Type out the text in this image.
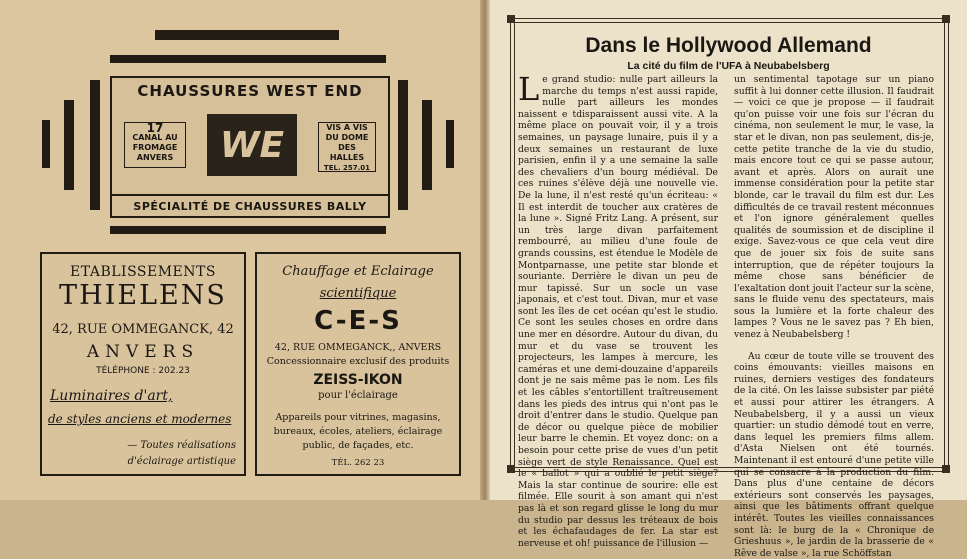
CHAUSSURES WEST END
17
CANAL AU
FROMAGE
ANVERS	WE	VIS A VIS
DU DOME
DES
HALLES
TEL. 257.01
SPÉCIALITÉ DE CHAUSSURES BALLY
ETABLISSEMENTS
THIELENS
42, RUE OMMEGANCK, 42
ANVERS
TÉLÉPHONE : 202.23
Luminaires d'art,
de styles anciens et modernes
— Toutes réalisations
d'éclairage artistique
Chauffage et Eclairage
scientifique
C-E-S
42, RUE OMMEGANCK,, ANVERS
Concessionnaire exclusif des produits
ZEISS-IKON
pour l'éclairage
Appareils pour vitrines, magasins,
bureaux, écoles, ateliers, éclairage
public, de façades, etc.
TÉL. 262 23
Dans le Hollywood Allemand
La cité du film de l'UFA à Neubabelsberg

Le grand studio: nulle part ailleurs la marche du temps n'est aussi rapide, nulle part ailleurs les mondes naissent e tdisparaissent aussi vite. A la même place on pouvait voir, il y a trois semaines, un paysage lunaire, puis il y a deux semaines un restaurant de luxe parisien, enfin il y a une semaine la salle des chevaliers d'un bourg médiéval. De ces ruines s'élève déjà une nouvelle vie. De la lune, il n'est resté qu'un écriteau: « Il est interdit de toucher aux cratères de la lune ». Signé Fritz Lang. A présent, sur un très large divan parfaitement rembourré, au milieu d'une foule de grands coussins, est étendue le Modèle de Montparnasse, une petite star blonde et souriante. Derrière le divan un peu de mur tapissé. Sur un socle un vase japonais, et c'est tout. Divan, mur et vase sont les îles de cet océan qu'est le studio. Ce sont les seules choses en ordre dans une mer en désordre. Autour du divan, du mur et du vase se trouvent les projecteurs, les lampes à mercure, les caméras et une demi-douzaine d'appareils dont je ne sais même pas le nom. Les fils et les câbles s'entortillent traîtreusement dans les pieds des intrus qui n'ont pas le droit d'entrer dans le studio. Quelque pan de décor ou quelque pièce de mobilier leur barre le chemin. Et voyez donc: on a besoin pour cette prise de vues d'un petit siège vert de style Renaissance. Quel est le « ballot » qui a oublié le petit siège? Mais la star continue de sourire: elle est filmée. Elle sourit à son amant qui n'est pas là et son regard glisse le long du mur du studio par dessus les tréteaux de bois et les échafaudages de fer. La star est nerveuse et oh! puissance de l'illusion —

un sentimental tapotage sur un piano suffit à lui donner cette illusion. Il faudrait — voici ce que je propose — il faudrait qu'on puisse voir une fois sur l'écran du cinéma, non seulement le mur, le vase, la star et le divan, non pas seulement, dis-je, cette petite tranche de la vie du studio, mais encore tout ce qui se passe autour, avant et après. Alors on aurait une immense considération pour la petite star blonde, car le travail du film est dur. Les difficultés de ce travail restent méconnues et l'on ignore généralement quelles qualités de soumission et de discipline il exige. Savez-vous ce que cela veut dire que de jouer six fois de suite sans interruption, que de répéter toujours la même chose sans bénéficier de l'exaltation dont jouit l'acteur sur la scène, sans le fluide venu des spectateurs, mais sous la lumière et la forte chaleur des lampes ? Vous ne le savez pas ? Eh bien, venez à Neubabelsberg !

Au cœur de toute ville se trouvent des coins émouvants: vieilles maisons en ruines, derniers vestiges des fondateurs de la cité. On les laisse subsister par piété et aussi pour attirer les étrangers. A Neubabelsberg, il y a aussi un vieux quartier: un studio démodé tout en verre, dans lequel les premiers films allem. d'Asta Nielsen ont été tournés. Maintenant il est entouré d'une petite ville qui se consacre à la production du film. Dans plus d'une centaine de décors extérieurs sont conservés les paysages, ainsi que les bâtiments offrant quelque intérêt. Toutes les vieilles connaissances sont là: le burg de la « Chronique de Grieshuus », le jardin de la brasserie de « Rêve de valse », la rue Schöffstan
